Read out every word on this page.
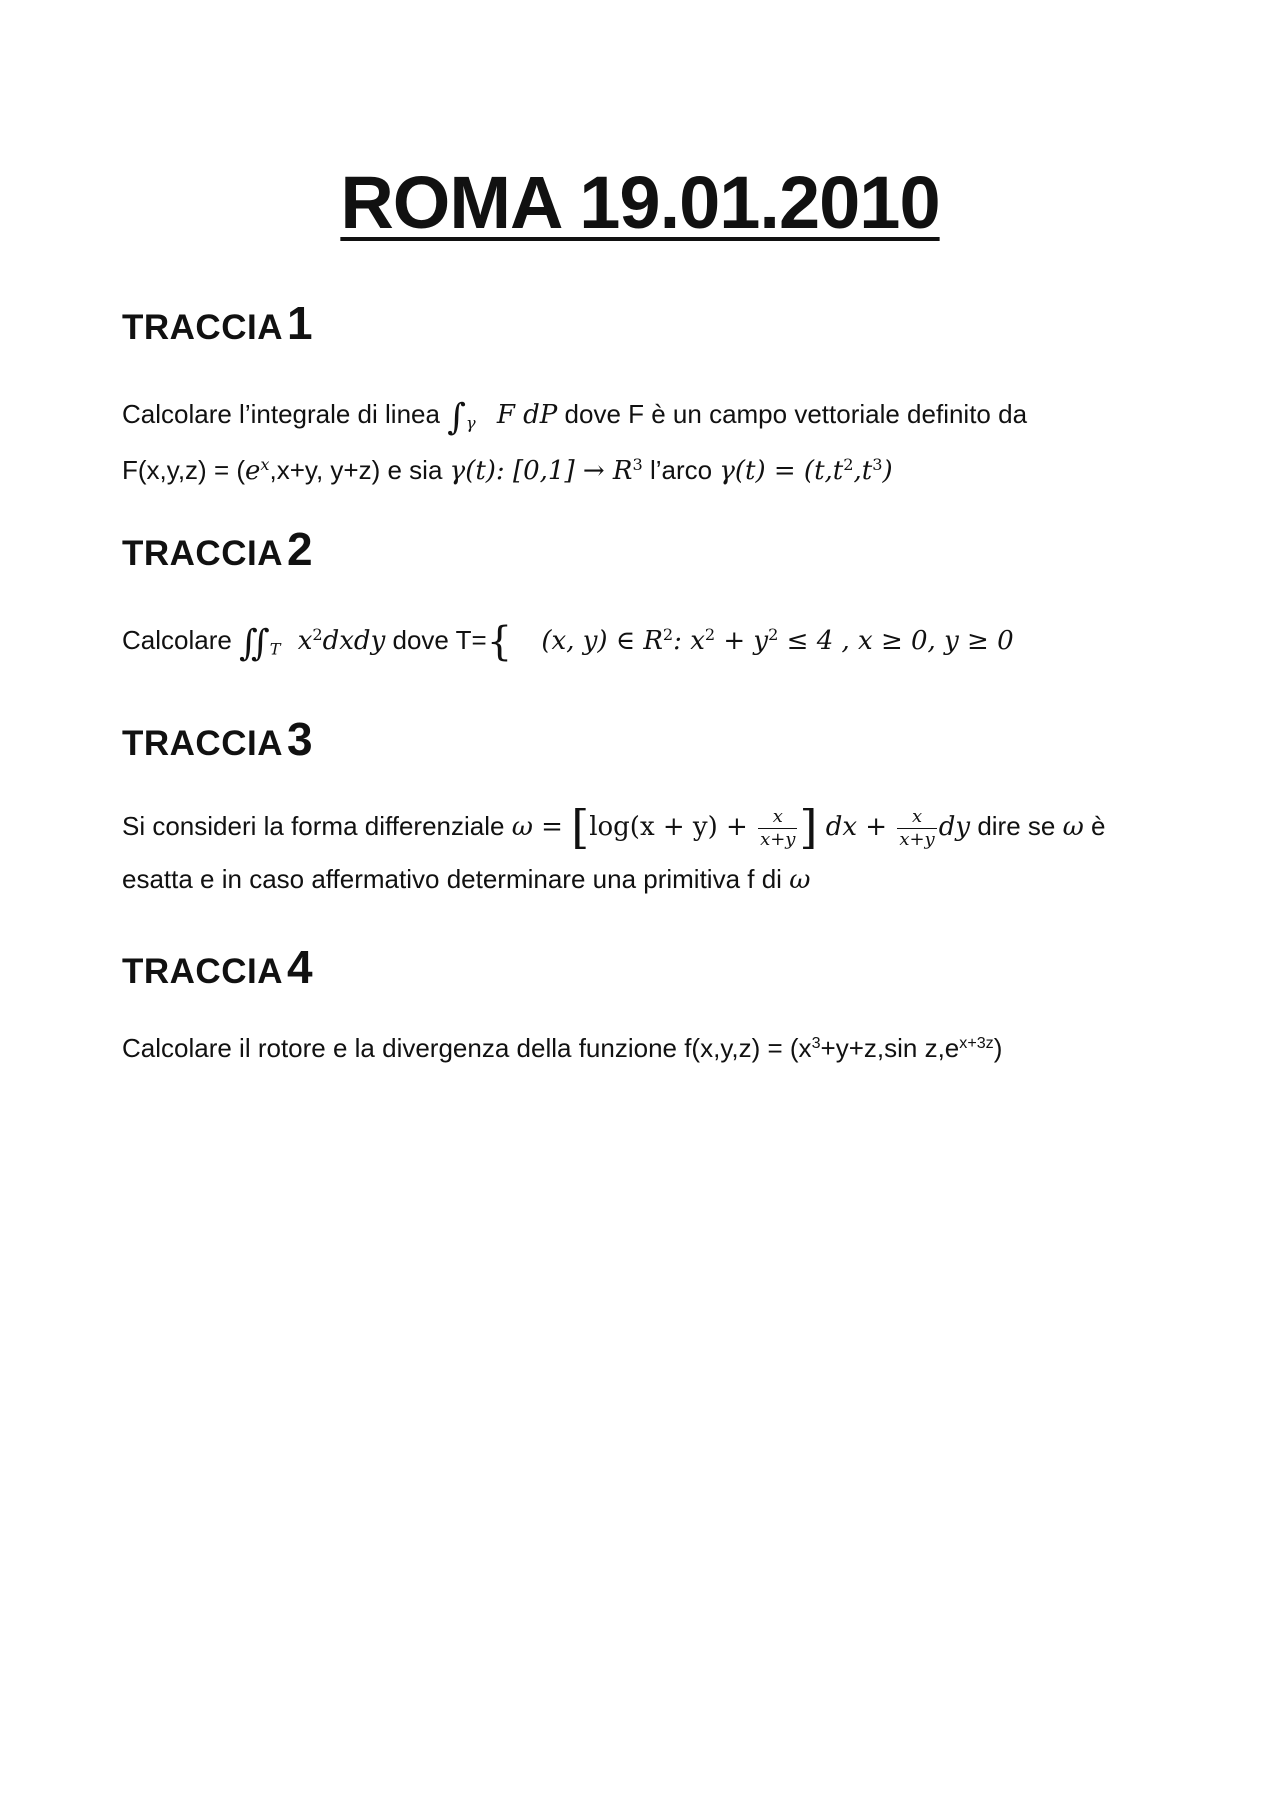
ROMA 19.01.2010
TRACCIA1
Calcolare l’integrale di linea $\int_\gamma$ F dP dove F è un campo vettoriale definito da
$F(x,y,z) = (e^x,x+y$, y+z) e sia γ(t): $[0,1] \to R^3$ l’arco $\gamma(t) = (t,t^2,t^3)$
TRACCIA2
Calcolare $∬_T$ $x^2dxdy$ dove T={ (x, y) ∈ $R^2$: $x^2 + y^2 \le 4$ , x ≥ 0, y ≥ 0
TRACCIA3
Si consideri la forma differenziale $\omega = [\log(x + y) + \frac{x}{x+y}$ ] dx + $\frac{x}{x+y}$ dy dire se ω è
esatta e in caso affermativo determinare una primitiva f di ω
TRACCIA4
Calcolare il rotore e la divergenza della funzione $f(x,y,z) = (x^3+y+z,\sin$ $z,e^{x+3z}$)
